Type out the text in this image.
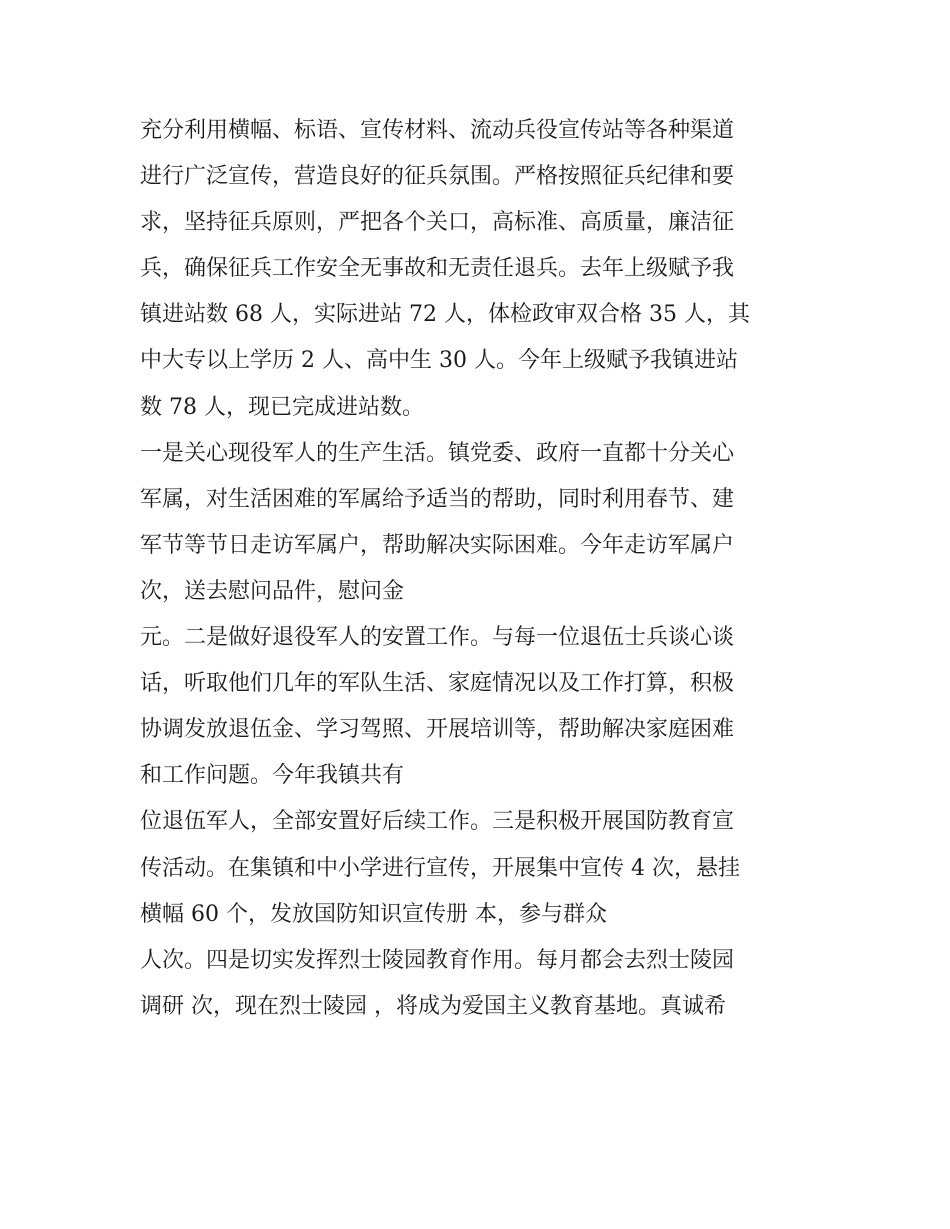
充分利用横幅、标语、宣传材料、流动兵役宣传站等各种渠道
进行广泛宣传，营造良好的征兵氛围。严格按照征兵纪律和要
求，坚持征兵原则，严把各个关口，高标准、高质量，廉洁征
兵，确保征兵工作安全无事故和无责任退兵。去年上级赋予我
镇进站数 68 人，实际进站 72 人，体检政审双合格 35 人，其
中大专以上学历 2 人、高中生 30 人。今年上级赋予我镇进站
数 78 人，现已完成进站数。
一是关心现役军人的生产生活。镇党委、政府一直都十分关心
军属，对生活困难的军属给予适当的帮助，同时利用春节、建
军节等节日走访军属户，帮助解决实际困难。今年走访军属户
次，送去慰问品件，慰问金
元。二是做好退役军人的安置工作。与每一位退伍士兵谈心谈
话，听取他们几年的军队生活、家庭情况以及工作打算，积极
协调发放退伍金、学习驾照、开展培训等，帮助解决家庭困难
和工作问题。今年我镇共有
位退伍军人，全部安置好后续工作。三是积极开展国防教育宣
传活动。在集镇和中小学进行宣传，开展集中宣传 4 次，悬挂
横幅 60 个，发放国防知识宣传册 本，参与群众
人次。四是切实发挥烈士陵园教育作用。每月都会去烈士陵园
调研 次，现在烈士陵园 ，将成为爱国主义教育基地。真诚希
